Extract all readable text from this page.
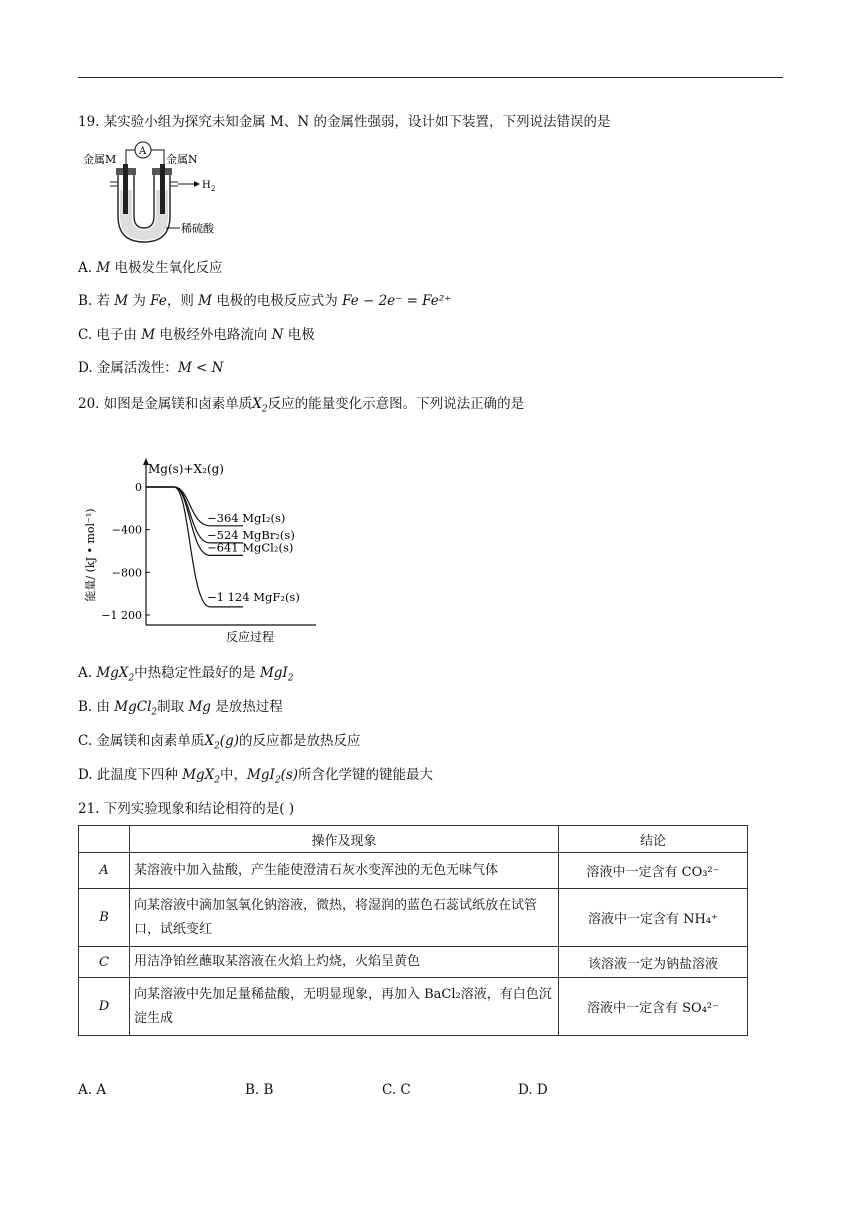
19. 某实验小组为探究未知金属 M、N 的金属性强弱，设计如下装置，下列说法错误的是
金属M	金属N
A
H 2
稀硫酸
A. M 电极发生氧化反应
B. 若 M 为 Fe，则 M 电极的电极反应式为 Fe − 2e⁻ = Fe²⁺
C. 电子由 M 电极经外电路流向 N 电极
D. 金属活泼性：M < N
20. 如图是金属镁和卤素单质$X_2$反应的能量变化示意图。下列说法正确的是
Mg(s)+X₂(g)
反应过程
能量/ (kJ • mol⁻¹)
0
−400
−800
−1 200
−364 MgI₂(s)
−524 MgBr₂(s)
−641 MgCl₂(s)
−1 124 MgF₂(s)
A. MgX$_2$中热稳定性最好的是 MgI$_2$
B. 由 MgCl$_2$制取 Mg 是放热过程
C. 金属镁和卤素单质$X_2(g)$的反应都是放热反应
D. 此温度下四种 MgX$_2$中，MgI$_2$(s)所含化学键的键能最大
21. 下列实验现象和结论相符的是( )
	操作及现象	结论
A	某溶液中加入盐酸，产生能使澄清石灰水变浑浊的无色无味气体	溶液中一定含有 CO₃²⁻
B	向某溶液中滴加氢氧化钠溶液，微热，将湿润的蓝色石蕊试纸放在试管口，试纸变红	溶液中一定含有 NH₄⁺
C	用洁净铂丝蘸取某溶液在火焰上灼烧，火焰呈黄色	该溶液一定为钠盐溶液
D	向某溶液中先加足量稀盐酸，无明显现象，再加入 BaCl₂溶液，有白色沉淀生成	溶液中一定含有 SO₄²⁻
A. A	B. B	C. C	D. D
